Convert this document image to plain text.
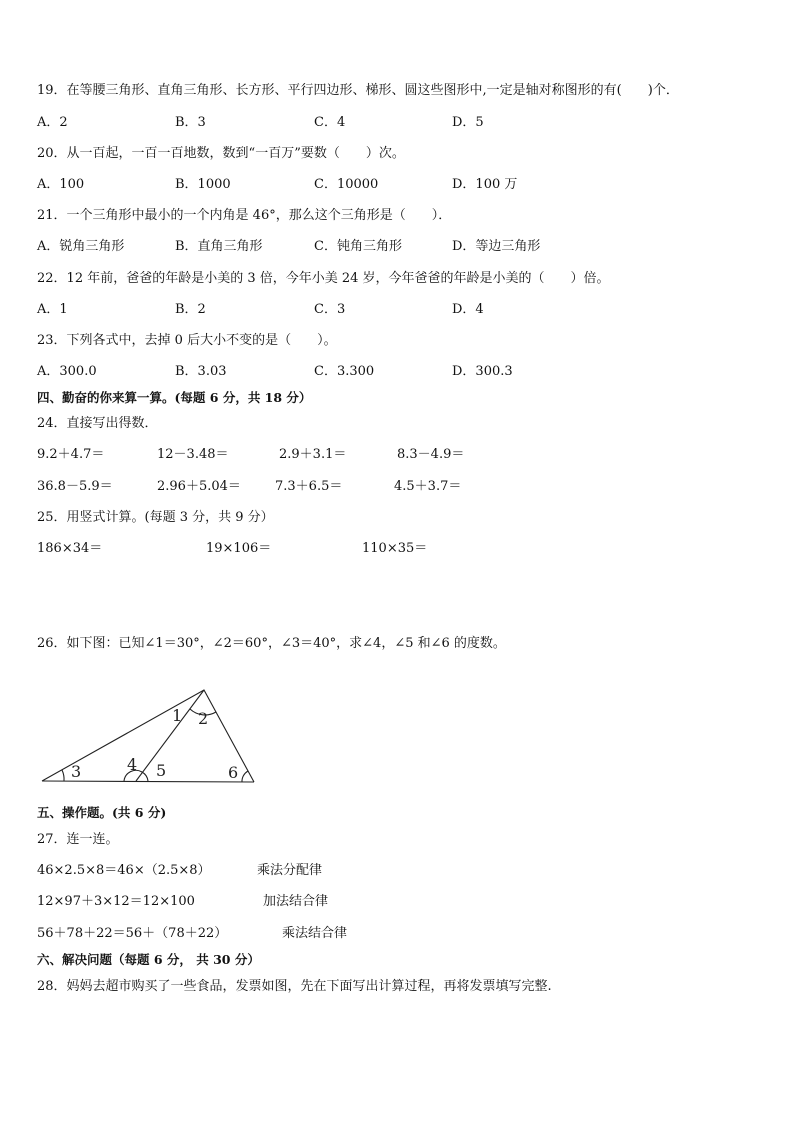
19．在等腰三角形、直角三角形、长方形、平行四边形、梯形、圆这些图形中,一定是轴对称图形的有(　　)个．
A．2	B．3	C．4	D．5
20．从一百起，一百一百地数，数到“一百万”要数（　　）次。
A．100	B．1000	C．10000	D．100 万
21．一个三角形中最小的一个内角是 46°，那么这个三角形是（　　）．
A．锐角三角形	B．直角三角形	C．钝角三角形	D．等边三角形
22．12 年前，爸爸的年龄是小美的 3 倍，今年小美 24 岁，今年爸爸的年龄是小美的（　　）倍。
A．1	B．2	C．3	D．4
23．下列各式中，去掉 0 后大小不变的是（　　）。
A．300.0	B．3.03	C．3.300	D．300.3
四、勤奋的你来算一算。(每题 6 分，共 18 分）
24．直接写出得数．
9.2＋4.7＝	12－3.48＝	2.9＋3.1＝	8.3－4.9＝
36.8－5.9＝	2.96＋5.04＝	7.3＋6.5＝	4.5＋3.7＝
25．用竖式计算。(每题 3 分，共 9 分）
186×34＝	19×106＝	110×35＝
26．如下图：已知∠1＝30°，∠2＝60°，∠3＝40°，求∠4，∠5 和∠6 的度数。
1 2
3	4 5	6
五、操作题。(共 6 分)
27．连一连。
46×2.5×8＝46×（2.5×8）	乘法分配律
12×97＋3×12＝12×100	加法结合律
56＋78＋22＝56＋（78＋22）	乘法结合律
六、解决问题（每题 6 分， 共 30 分）
28．妈妈去超市购买了一些食品，发票如图，先在下面写出计算过程，再将发票填写完整.
